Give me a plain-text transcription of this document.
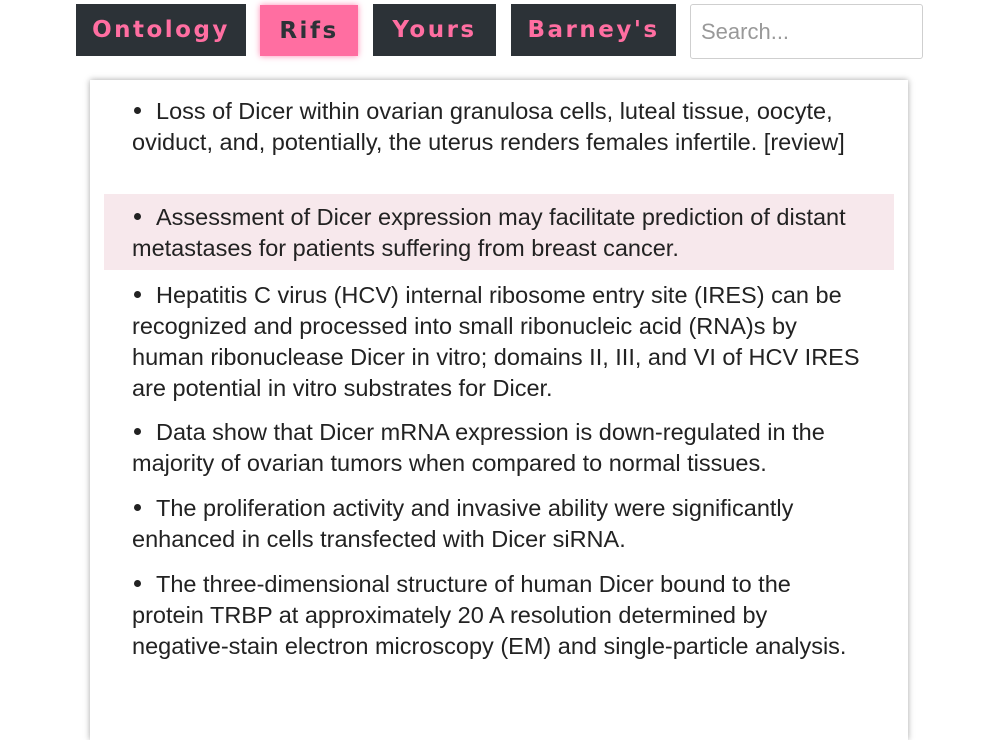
Ontology	Rifs	Yours	Barney's
Search...
Loss of Dicer within ovarian granulosa cells, luteal tissue, oocyte, oviduct, and, potentially, the uterus renders females infertile. [review]
Assessment of Dicer expression may facilitate prediction of distant metastases for patients suffering from breast cancer.
Hepatitis C virus (HCV) internal ribosome entry site (IRES) can be recognized and processed into small ribonucleic acid (RNA)s by human ribonuclease Dicer in vitro; domains II, III, and VI of HCV IRES are potential in vitro substrates for Dicer.
Data show that Dicer mRNA expression is down-regulated in the majority of ovarian tumors when compared to normal tissues.
The proliferation activity and invasive ability were significantly enhanced in cells transfected with Dicer siRNA.
The three-dimensional structure of human Dicer bound to the protein TRBP at approximately 20 A resolution determined by negative-stain electron microscopy (EM) and single-particle analysis.
